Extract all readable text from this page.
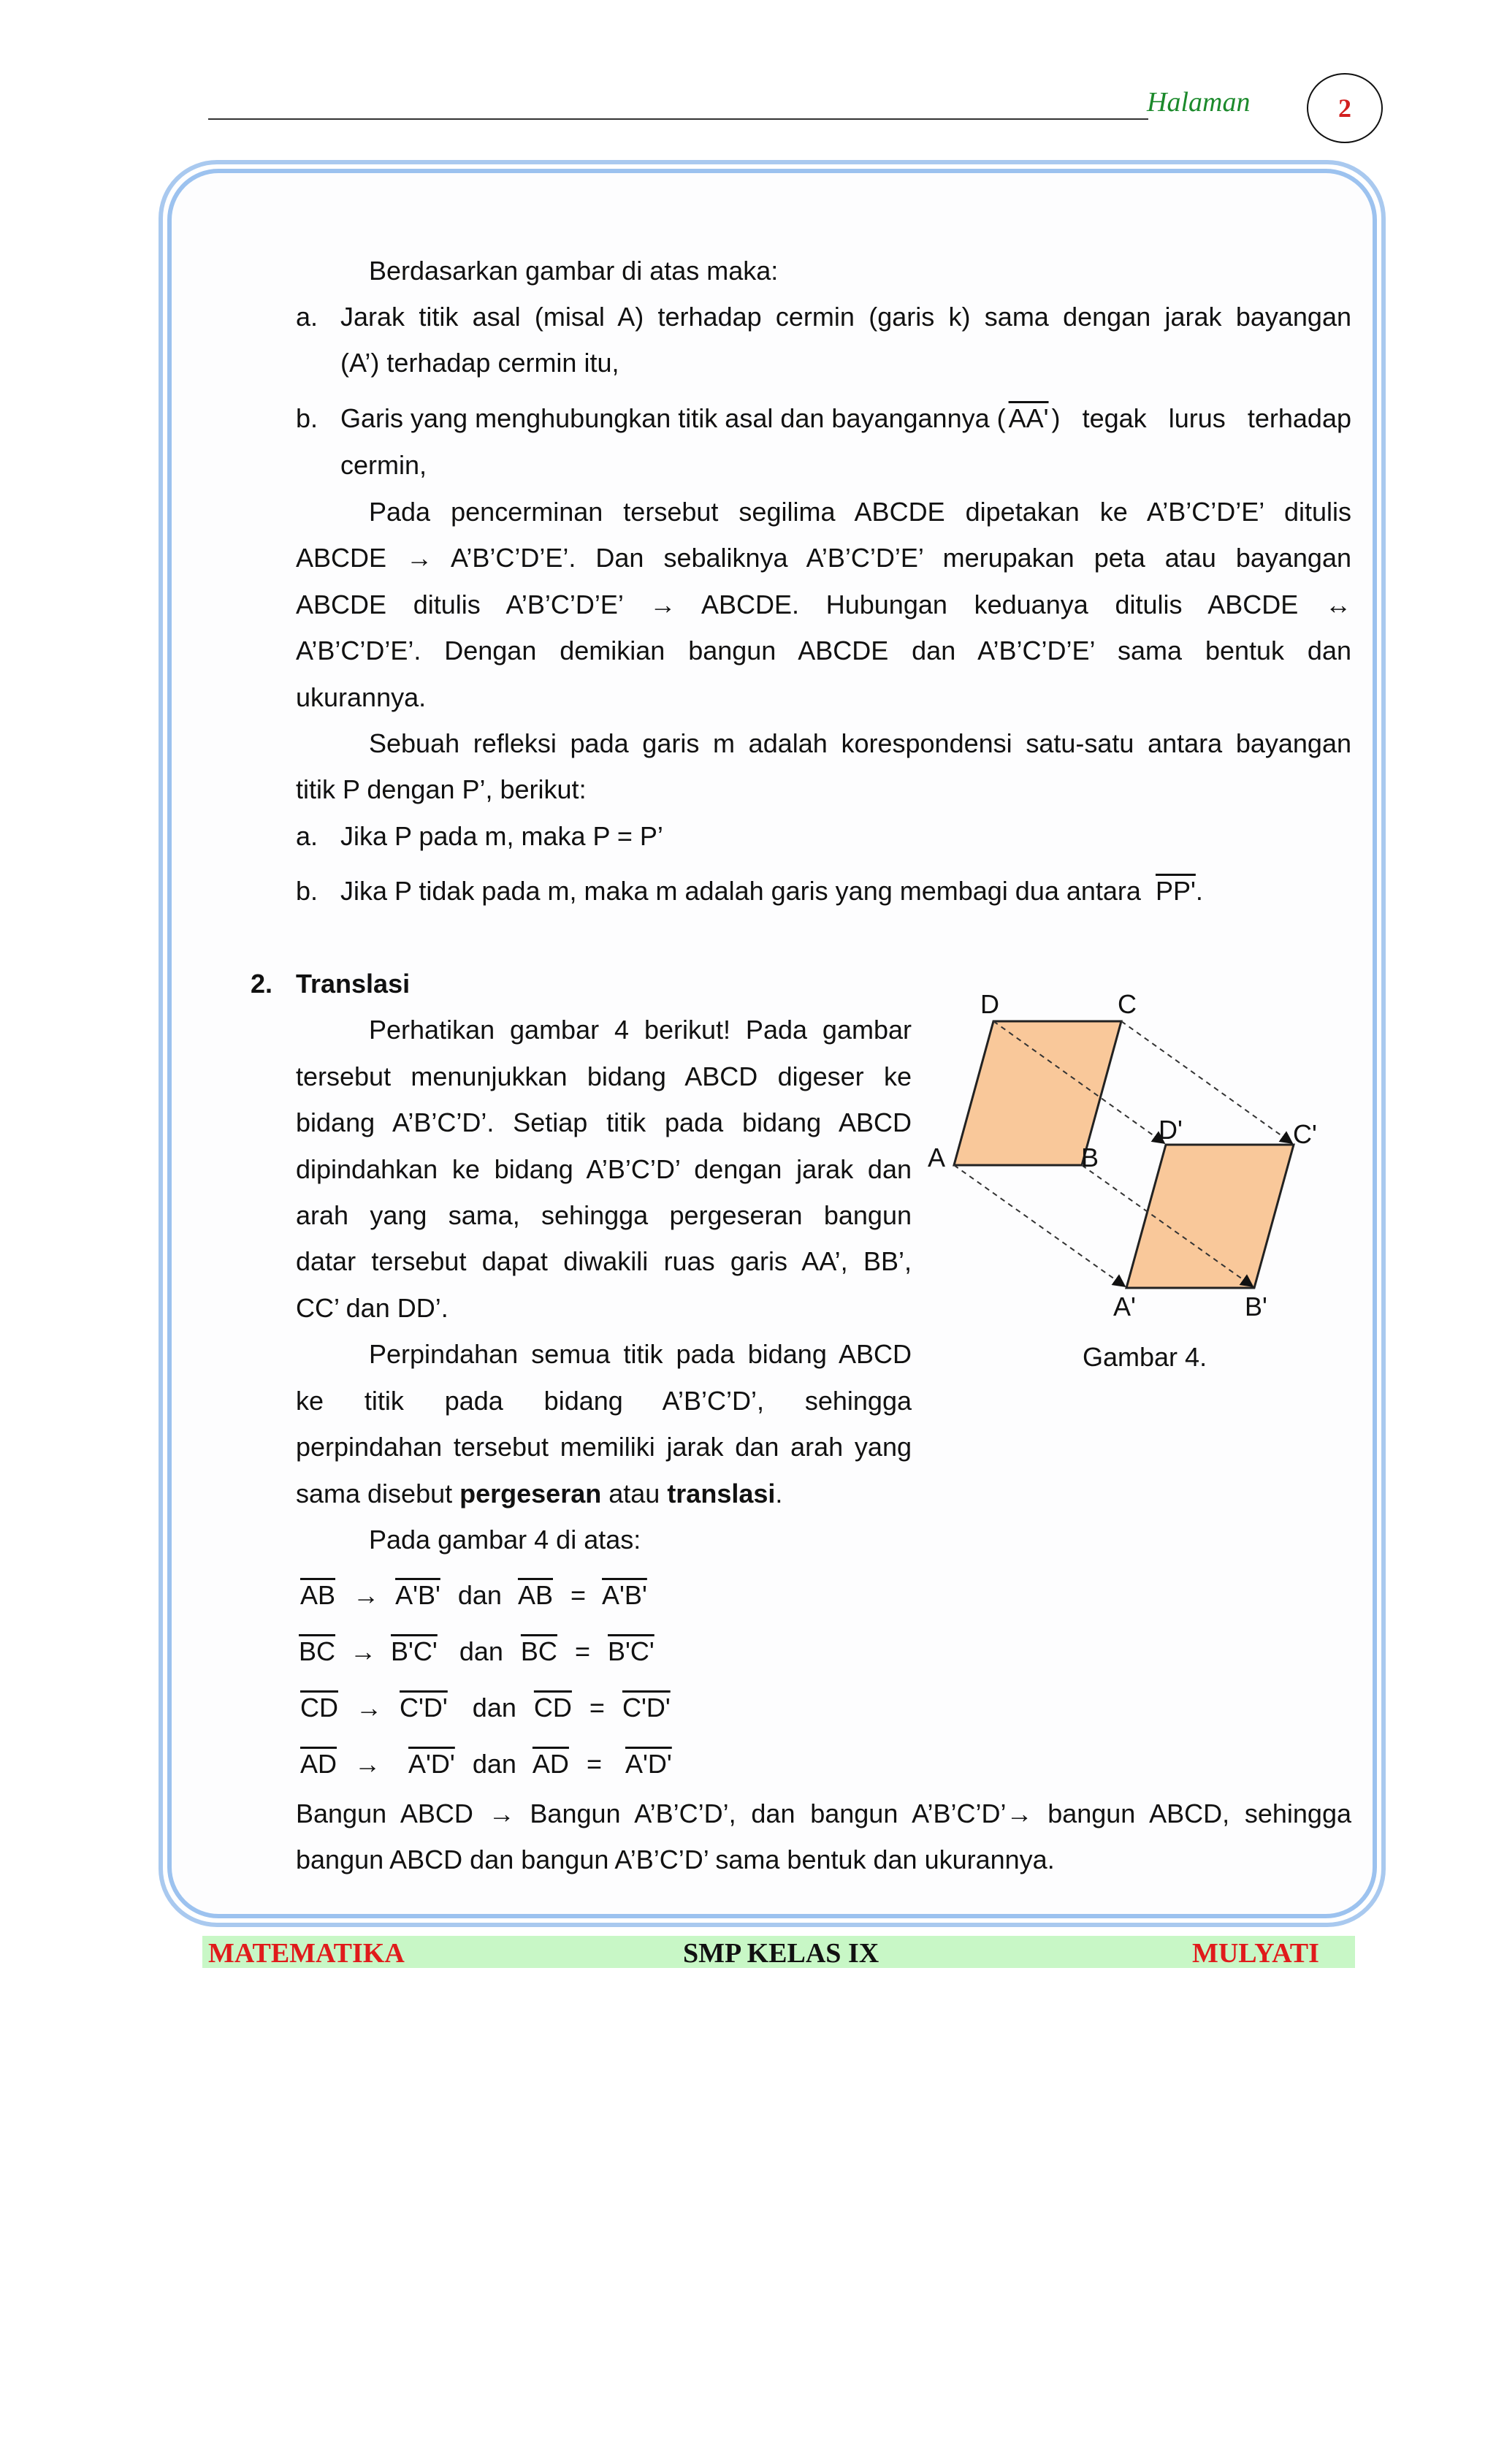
Halaman	2
Berdasarkan gambar di atas maka:
a. Jarak titik asal (misal A) terhadap cermin (garis k) sama dengan jarak bayangan
(A’) terhadap cermin itu,
b. Garis yang menghubungkan titik asal dan bayangannya ( AA' ) tegak lurus terhadap
cermin,
Pada pencerminan tersebut segilima ABCDE dipetakan ke A’B’C’D’E’ ditulis
ABCDE → A’B’C’D’E’. Dan sebaliknya A’B’C’D’E’ merupakan peta atau bayangan
ABCDE ditulis A’B’C’D’E’ → ABCDE. Hubungan keduanya ditulis ABCDE ↔
A’B’C’D’E’. Dengan demikian bangun ABCDE dan A’B’C’D’E’ sama bentuk dan
ukurannya.
Sebuah refleksi pada garis m adalah korespondensi satu-satu antara bayangan
titik P dengan P’, berikut:
a. Jika P pada m, maka P = P’
b. Jika P tidak pada m, maka m adalah garis yang membagi dua antara PP'.
2. Translasi
Perhatikan gambar 4 berikut! Pada gambar
tersebut menunjukkan bidang ABCD digeser ke
bidang A’B’C’D’. Setiap titik pada bidang ABCD
dipindahkan ke bidang A’B’C’D’ dengan jarak dan
arah yang sama, sehingga pergeseran bangun
datar tersebut dapat diwakili ruas garis AA’, BB’,
CC’ dan DD’.
Perpindahan semua titik pada bidang ABCD
ke titik pada bidang A’B’C’D’, sehingga
perpindahan tersebut memiliki jarak dan arah yang
sama disebut pergeseran atau translasi.
Pada gambar 4 di atas:
$\overline{AB} \to A'B'$ dan $\overline{AB} = A'B'$
$\overline{BC} \to B'C'$ dan $\overline{BC} = B'C'$
$\overline{CD} \to C'D'$ dan $\overline{CD} = C'D'$
$\overline{AD} \to A'D'$ dan $\overline{AD} = A'D'$
Bangun ABCD → Bangun A’B’C’D’, dan bangun A’B’C’D’→ bangun ABCD, sehingga
bangun ABCD dan bangun A’B’C’D’ sama bentuk dan ukurannya.
D	C
A	B
D'	C'
A'	B'
Gambar 4.
MATEMATIKA	SMP KELAS IX	MULYATI
